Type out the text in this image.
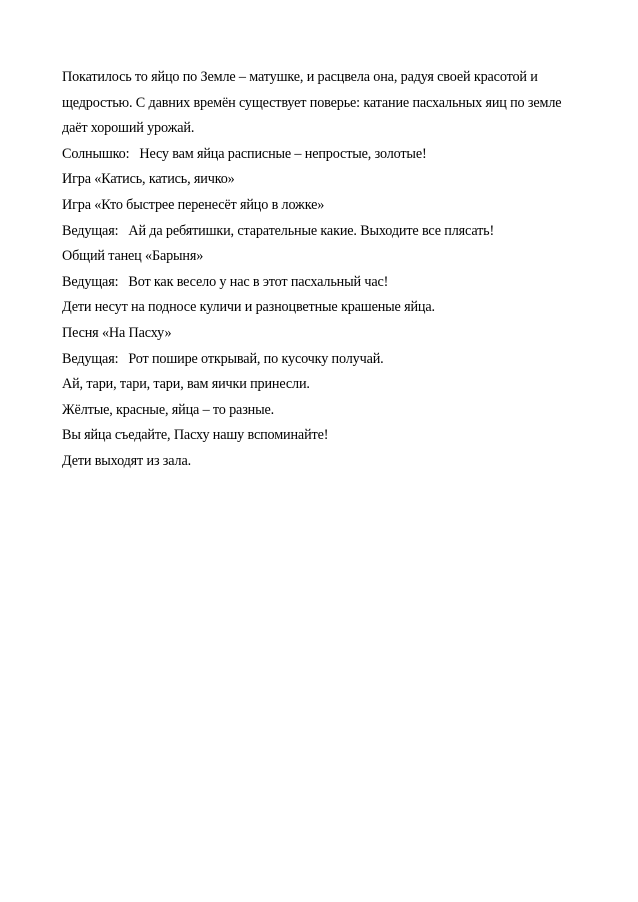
Покатилось то яйцо по Земле – матушке, и расцвела она, радуя своей красотой и

щедростью. С давних времён существует поверье: катание пасхальных яиц по земле

даёт хороший урожай.

Солнышко: Несу вам яйца расписные – непростые, золотые!

Игра «Катись, катись, яичко»

Игра «Кто быстрее перенесёт яйцо в ложке»

Ведущая: Ай да ребятишки, старательные какие. Выходите все плясать!

Общий танец «Барыня»

Ведущая: Вот как весело у нас в этот пасхальный час!

Дети несут на подносе куличи и разноцветные крашеные яйца.

Песня «На Пасху»

Ведущая: Рот пошире открывай, по кусочку получай.

Ай, тари, тари, тари, вам яички принесли.

Жёлтые, красные, яйца – то разные.

Вы яйца съедайте, Пасху нашу вспоминайте!

Дети выходят из зала.
